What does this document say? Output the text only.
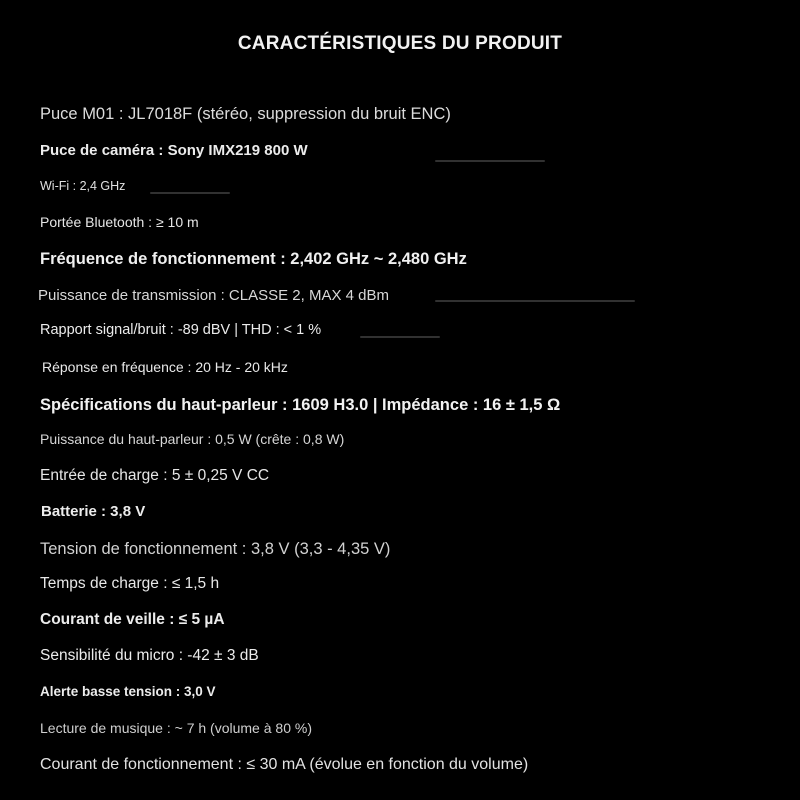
CARACTÉRISTIQUES DU PRODUIT
Puce M01 : JL7018F (stéréo, suppression du bruit ENC)
Puce de caméra : Sony IMX219 800 W
Wi-Fi : 2,4 GHz
Portée Bluetooth : ≥ 10 m
Fréquence de fonctionnement : 2,402 GHz ~ 2,480 GHz
Puissance de transmission : CLASSE 2, MAX 4 dBm
Rapport signal/bruit : -89 dBV | THD : < 1 %
Réponse en fréquence : 20 Hz - 20 kHz
Spécifications du haut-parleur : 1609 H3.0 | Impédance : 16 ± 1,5 Ω
Puissance du haut-parleur : 0,5 W (crête : 0,8 W)
Entrée de charge : 5 ± 0,25 V CC
Batterie : 3,8 V
Tension de fonctionnement : 3,8 V (3,3 - 4,35 V)
Temps de charge : ≤ 1,5 h
Courant de veille : ≤ 5 µA
Sensibilité du micro : -42 ± 3 dB
Alerte basse tension : 3,0 V
Lecture de musique : ~ 7 h (volume à 80 %)
Courant de fonctionnement : ≤ 30 mA (évolue en fonction du volume)
